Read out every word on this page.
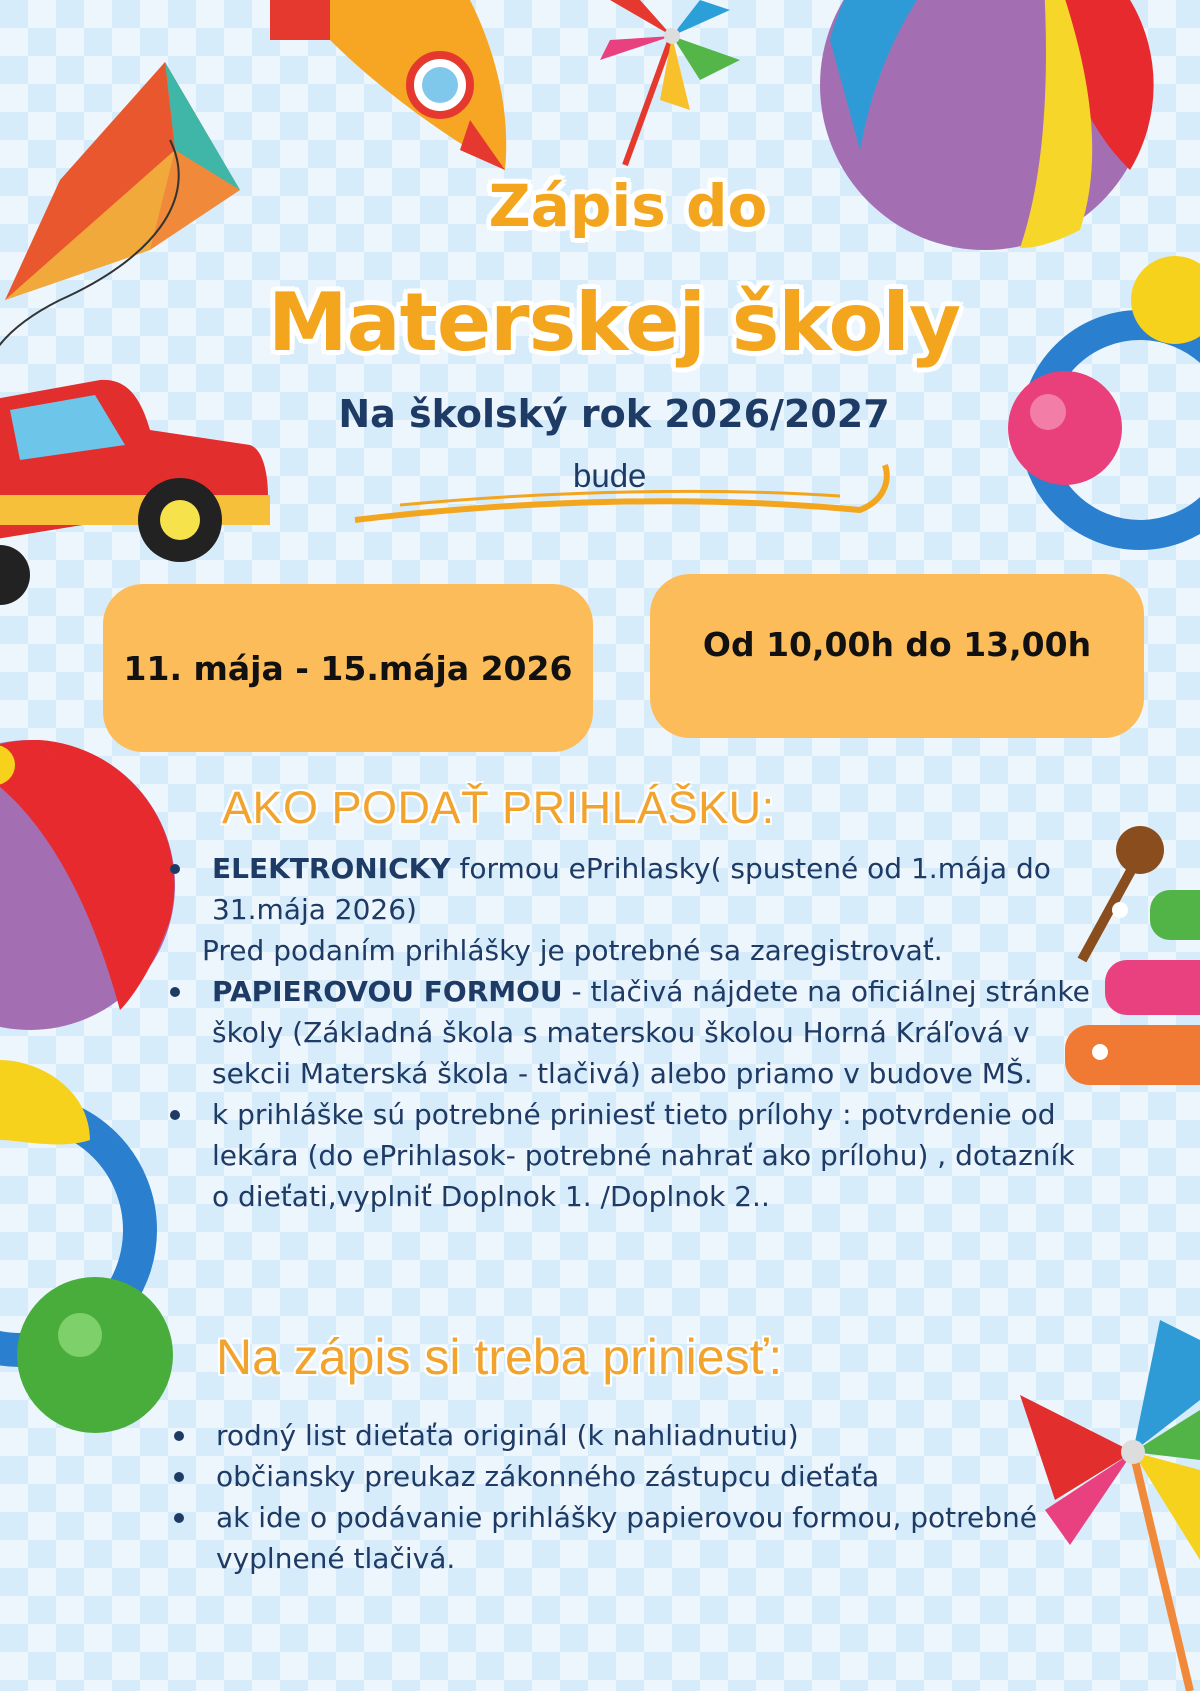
Zápis do
Materskej školy
Na školský rok 2026/2027
bude
11. mája - 15.mája 2026
Od 10,00h do 13,00h
AKO PODAŤ PRIHLÁŠKU:
ELEKTRONICKY formou ePrihlasky( spustené od 1.mája do 31.mája 2026)
Pred podaním prihlášky je potrebné sa zaregistrovať.
PAPIEROVOU FORMOU - tlačivá nájdete na oficiálnej stránke školy (Základná škola s materskou školou Horná Kráľová v sekcii Materská škola - tlačivá) alebo priamo v budove MŠ.
k prihláške sú potrebné priniesť tieto prílohy : potvrdenie od lekára (do ePrihlasok- potrebné nahrať ako prílohu) , dotazník o dieťati,vyplniť Doplnok 1. /Doplnok 2..
Na zápis si treba priniesť:
rodný list dieťaťa originál (k nahliadnutiu)
občiansky preukaz zákonného zástupcu dieťaťa
ak ide o podávanie prihlášky papierovou formou, potrebné vyplnené tlačivá.
